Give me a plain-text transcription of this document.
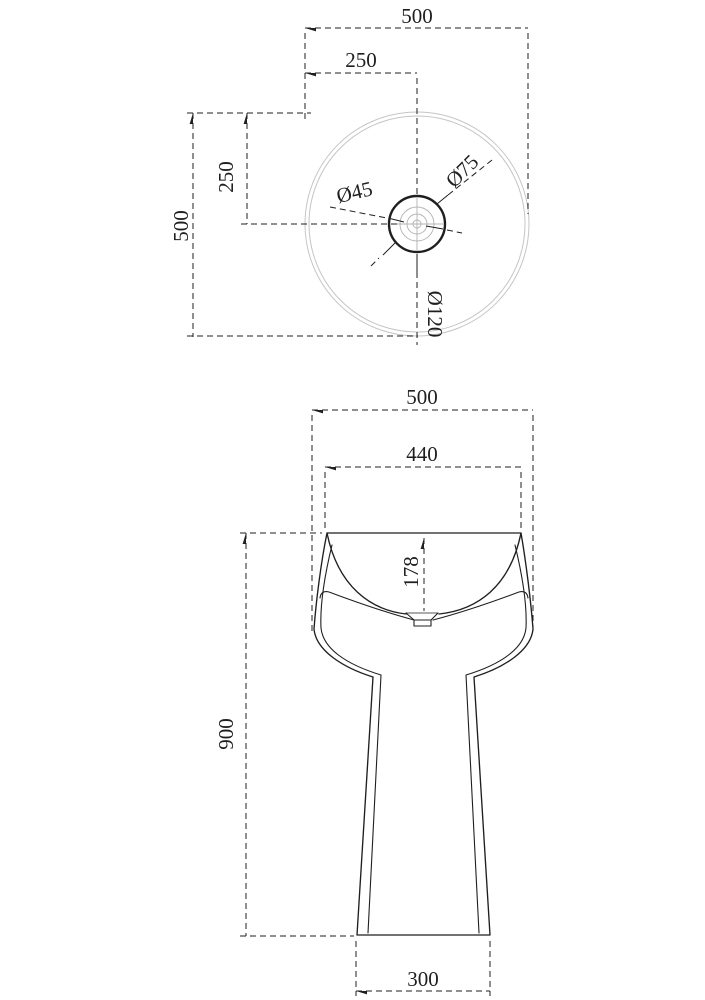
500
250
500
250	Ø45	Ø75
Ø120
500
440
178
900
300
